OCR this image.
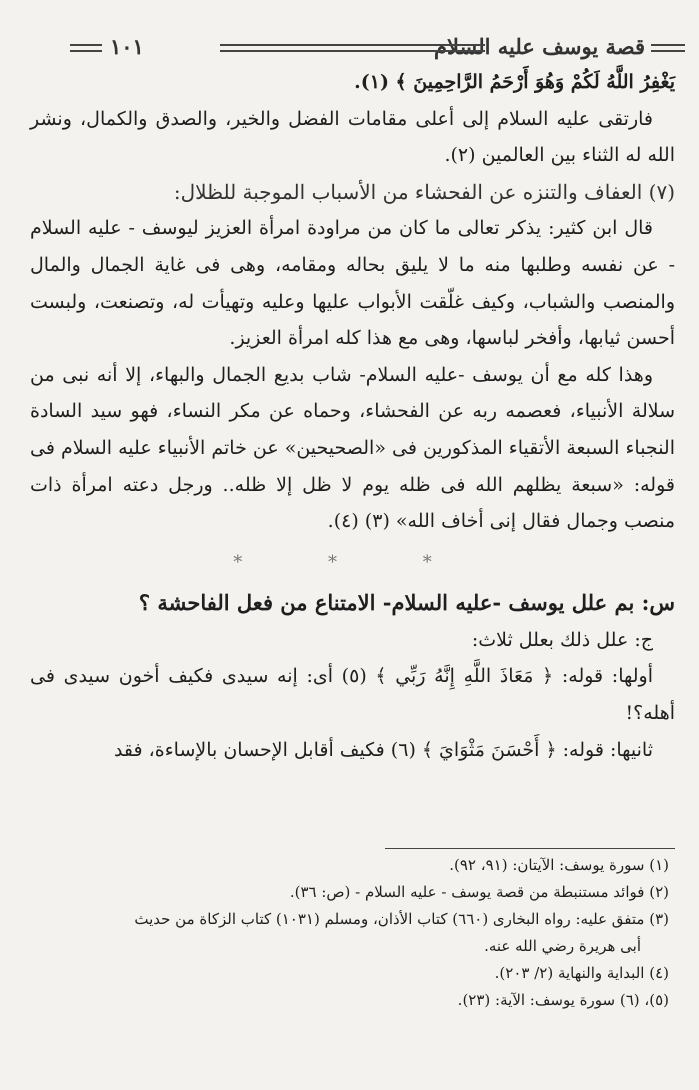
قصة يوسف عليه السلام
١٠١

يَغْفِرُ اللَّهُ لَكُمْ وَهُوَ أَرْحَمُ الرَّاحِمِينَ ﴾ (١).

فارتقى عليه السلام إلى أعلى مقامات الفضل والخير، والصدق والكمال، ونشر الله له الثناء بين العالمين (٢).

(٧) العفاف والتنزه عن الفحشاء من الأسباب الموجبة للظلال:

قال ابن كثير: يذكر تعالى ما كان من مراودة امرأة العزيز ليوسف - عليه السلام - عن نفسه وطلبها منه ما لا يليق بحاله ومقامه، وهى فى غاية الجمال والمال والمنصب والشباب، وكيف غلّقت الأبواب عليها وعليه وتهيأت له، وتصنعت، ولبست أحسن ثيابها، وأفخر لباسها، وهى مع هذا كله امرأة العزيز.

وهذا كله مع أن يوسف -عليه السلام- شاب بديع الجمال والبهاء، إلا أنه نبى من سلالة الأنبياء، فعصمه ربه عن الفحشاء، وحماه عن مكر النساء، فهو سيد السادة النجباء السبعة الأتقياء المذكورين فى «الصحيحين» عن خاتم الأنبياء عليه السلام فى قوله: «سبعة يظلهم الله فى ظله يوم لا ظل إلا ظله.. ورجل دعته امرأة ذات منصب وجمال فقال إنى أخاف الله» (٣) (٤).

* * *

س: بم علل يوسف -عليه السلام- الامتناع من فعل الفاحشة ؟

ج: علل ذلك بعلل ثلاث:

أولها: قوله: ﴿ مَعَاذَ اللَّهِ إِنَّهُ رَبِّي ﴾ (٥) أى: إنه سيدى فكيف أخون سيدى فى أهله؟!

ثانيها: قوله: ﴿ أَحْسَنَ مَثْوَايَ ﴾ (٦) فكيف أقابل الإحسان بالإساءة، فقد

(١) سورة يوسف: الآيتان: (٩١، ٩٢).

(٢) فوائد مستنبطة من قصة يوسف - عليه السلام - (ص: ٣٦).

(٣) متفق عليه: رواه البخارى (٦٦٠) كتاب الأذان، ومسلم (١٠٣١) كتاب الزكاة من حديث

أبى هريرة رضي الله عنه.

(٤) البداية والنهاية (٢/ ٢٠٣).

(٥)، (٦) سورة يوسف: الآية: (٢٣).
